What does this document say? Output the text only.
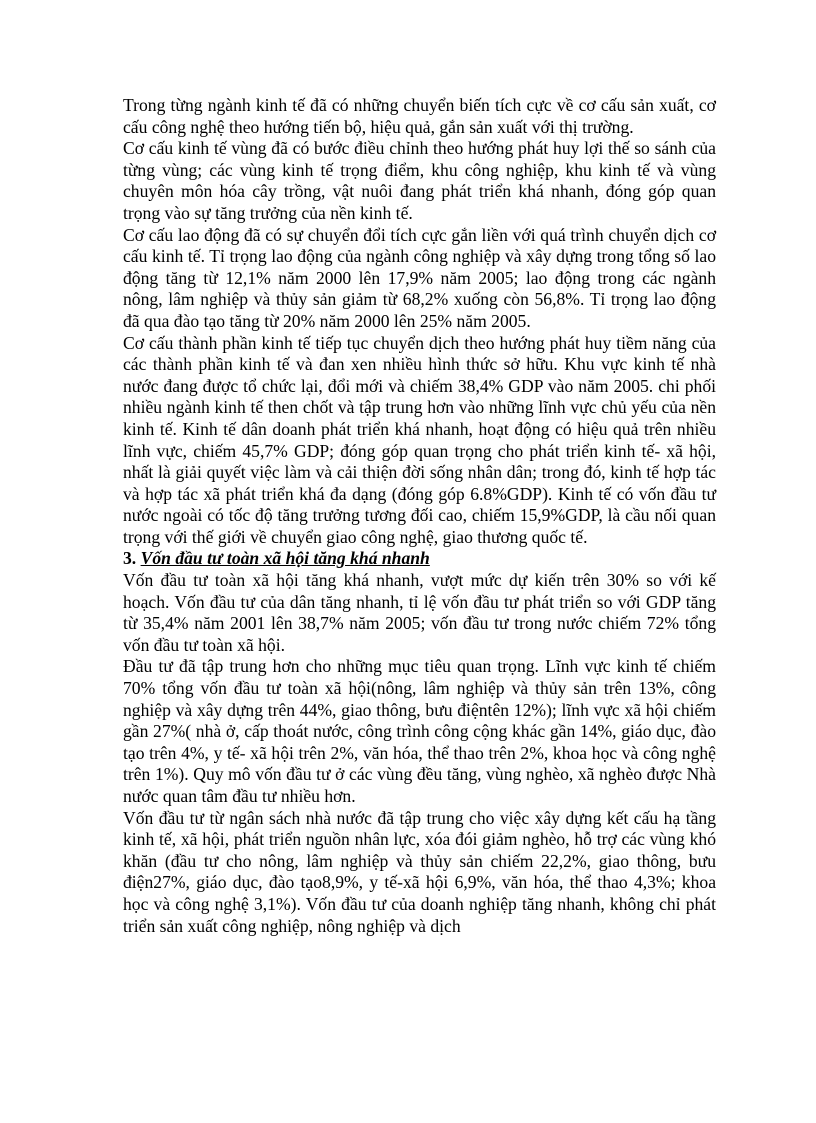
Trong từng ngành kinh tế đã có những chuyển biến tích cực về cơ cấu sản xuất, cơ cấu công nghệ theo hướng tiến bộ, hiệu quả, gắn sản xuất với thị trường.

Cơ cấu kinh tế vùng đã có bước điều chỉnh theo hướng phát huy lợi thế so sánh của từng vùng; các vùng kinh tế trọng điểm, khu công nghiệp, khu kinh tế và vùng chuyên môn hóa cây trồng, vật nuôi đang phát triển khá nhanh, đóng góp quan trọng vào sự tăng trưởng của nền kinh tế.

Cơ cấu lao động đã có sự chuyển đổi tích cực gắn liền với quá trình chuyển dịch cơ cấu kinh tế. Tỉ trọng lao động của ngành công nghiệp và xây dựng trong tổng số lao động tăng từ 12,1% năm 2000 lên 17,9% năm 2005; lao động trong các ngành nông, lâm nghiệp và thủy sản giảm từ 68,2% xuống còn 56,8%. Tỉ trọng lao động đã qua đào tạo tăng từ 20% năm 2000 lên 25% năm 2005.

Cơ cấu thành phần kinh tế tiếp tục chuyển dịch theo hướng phát huy tiềm năng của các thành phần kinh tế và đan xen nhiều hình thức sở hữu. Khu vực kinh tế nhà nước đang được tổ chức lại, đổi mới và chiếm 38,4% GDP vào năm 2005. chi phối nhiều ngành kinh tế then chốt và tập trung hơn vào những lĩnh vực chủ yếu của nền kinh tế. Kinh tế dân doanh phát triển khá nhanh, hoạt động có hiệu quả trên nhiều lĩnh vực, chiếm 45,7% GDP; đóng góp quan trọng cho phát triển kinh tế- xã hội, nhất là giải quyết việc làm và cải thiện đời sống nhân dân; trong đó, kinh tế hợp tác và hợp tác xã phát triển khá đa dạng (đóng góp 6.8%GDP). Kinh tế có vốn đầu tư nước ngoài có tốc độ tăng trưởng tương đối cao, chiếm 15,9%GDP, là cầu nối quan trọng với thế giới về chuyển giao công nghệ, giao thương quốc tế.

3. Vốn đầu tư toàn xã hội tăng khá nhanh

Vốn đầu tư toàn xã hội tăng khá nhanh, vượt mức dự kiến trên 30% so với kế hoạch. Vốn đầu tư của dân tăng nhanh, tỉ lệ vốn đầu tư phát triển so với GDP tăng từ 35,4% năm 2001 lên 38,7% năm 2005; vốn đầu tư trong nước chiếm 72% tổng vốn đầu tư toàn xã hội.

Đầu tư đã tập trung hơn cho những mục tiêu quan trọng. Lĩnh vực kinh tế chiếm 70% tổng vốn đầu tư toàn xã hội(nông, lâm nghiệp và thủy sản trên 13%, công nghiệp và xây dựng trên 44%, giao thông, bưu điệntên 12%); lĩnh vực xã hội chiếm gần 27%( nhà ở, cấp thoát nước, công trình công cộng khác gần 14%, giáo dục, đào tạo trên 4%, y tế- xã hội trên 2%, văn hóa, thể thao trên 2%, khoa học và công nghệ trên 1%). Quy mô vốn đầu tư ở các vùng đều tăng, vùng nghèo, xã nghèo được Nhà nước quan tâm đầu tư nhiều hơn.

Vốn đầu tư từ ngân sách nhà nước đã tập trung cho việc xây dựng kết cấu hạ tầng kinh tế, xã hội, phát triển nguồn nhân lực, xóa đói giảm nghèo, hỗ trợ các vùng khó khăn (đầu tư cho nông, lâm nghiệp và thủy sản chiếm 22,2%, giao thông, bưu điện27%, giáo dục, đào tạo8,9%, y tế-xã hội 6,9%, văn hóa, thể thao 4,3%; khoa học và công nghệ 3,1%). Vốn đầu tư của doanh nghiệp tăng nhanh, không chỉ phát triển sản xuất công nghiệp, nông nghiệp và dịch
